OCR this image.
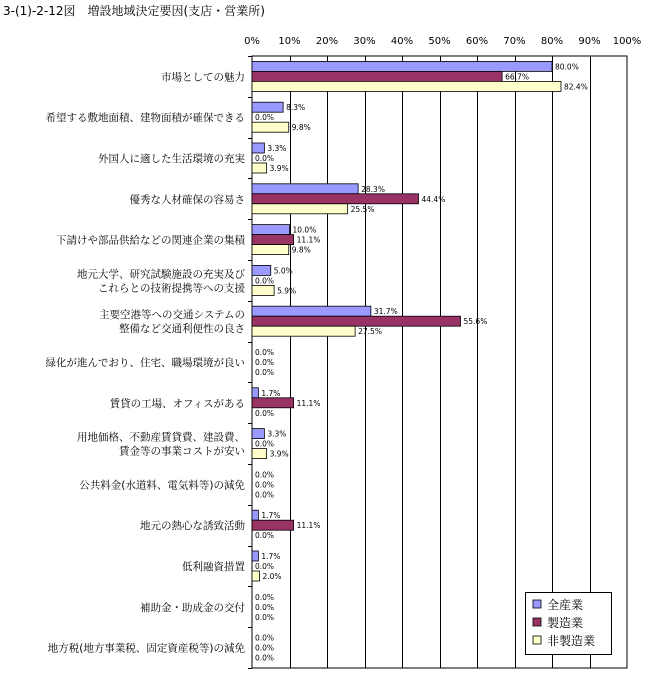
3-(1)-2-12図　増設地域決定要因(支店・営業所)
0% 10% 20% 30% 40% 50% 60% 70% 80% 90% 100%
市場としての魅力
希望する敷地面積、建物面積が確保できる
外国人に適した生活環境の充実
優秀な人材確保の容易さ
下請けや部品供給などの関連企業の集積
地元大学、研究試験施設の充実及びこれらとの技術提携等への支援
主要空港等への交通システムの整備など交通利便性の良さ
緑化が進んでおり、住宅、職場環境が良い
賃貸の工場、オフィスがある
用地価格、不動産賃貸費、建設費、賃金等の事業コストが安い
公共料金(水道料、電気料等)の減免
地元の熱心な誘致活動
低利融資措置
補助金・助成金の交付
地方税(地方事業税、固定資産税等)の減免
80.0%
8.3%
3.3%
28.3%
10.0%
5.0%
31.7%
0.0%
1.7%
3.3%
0.0%
1.7%
1.7%
0.0%
0.0%
66.7%
0.0%
0.0%
44.4%
11.1%
0.0%
55.6%
0.0%
11.1%
0.0%
0.0%
11.1%
0.0%
0.0%
0.0%
82.4%
9.8%
3.9%
25.5%
9.8%
5.9%
27.5%
0.0%
0.0%
3.9%
0.0%
0.0%
2.0%
0.0%
0.0%
全産業
製造業
非製造業
